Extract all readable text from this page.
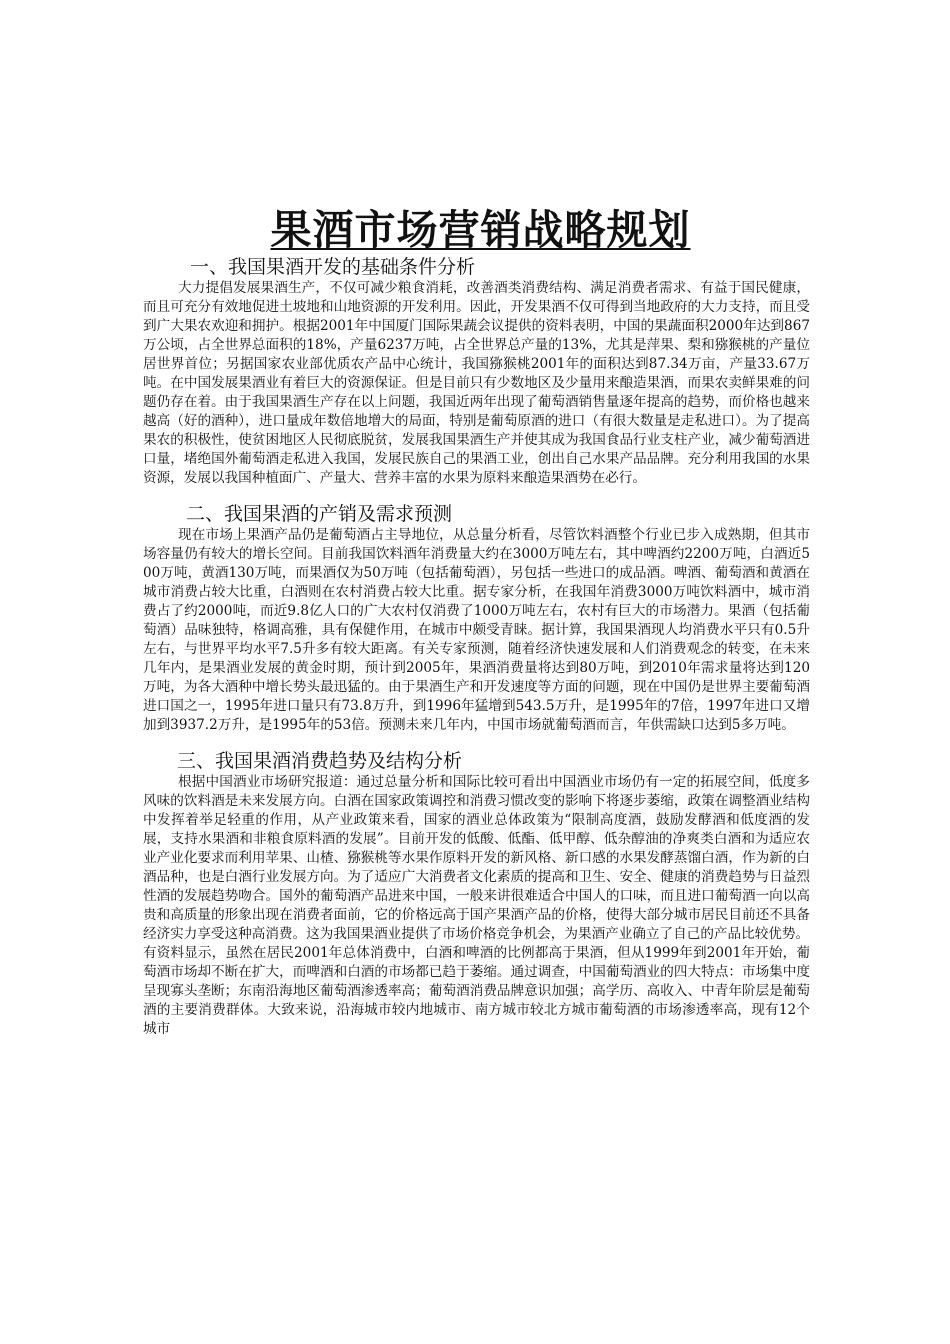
果酒市场营销战略规划
一、我国果酒开发的基础条件分析

大力提倡发展果酒生产，不仅可减少粮食消耗，改善酒类消费结构、满足消费者需求、有益于国民健康，而且可充分有效地促进土坡地和山地资源的开发利用。因此，开发果酒不仅可得到当地政府的大力支持，而且受到广大果农欢迎和拥护。根据2001年中国厦门国际果蔬会议提供的资料表明，中国的果蔬面积2000年达到867万公顷，占全世界总面积的18%，产量6237万吨，占全世界总产量的13%，尤其是萍果、梨和猕猴桃的产量位居世界首位；另据国家农业部优质农产品中心统计，我国猕猴桃2001年的面积达到87.34万亩，产量33.67万吨。在中国发展果酒业有着巨大的资源保证。但是目前只有少数地区及少量用来酿造果酒，而果农卖鲜果难的问题仍存在着。由于我国果酒生产存在以上问题，我国近两年出现了葡萄酒销售量逐年提高的趋势，而价格也越来越高（好的酒种），进口量成年数倍地增大的局面，特别是葡萄原酒的进口（有很大数量是走私进口）。为了提高果农的积极性，使贫困地区人民彻底脱贫，发展我国果酒生产并使其成为我国食品行业支柱产业，减少葡萄酒进口量，堵绝国外葡萄酒走私进入我国，发展民族自己的果酒工业，创出自己水果产品品牌。充分利用我国的水果资源，发展以我国种植面广、产量大、营养丰富的水果为原料来酿造果酒势在必行。

二、我国果酒的产销及需求预测

现在市场上果酒产品仍是葡萄酒占主导地位，从总量分析看，尽管饮料酒整个行业已步入成熟期，但其市场容量仍有较大的增长空间。目前我国饮料酒年消费量大约在3000万吨左右，其中啤酒约2200万吨，白酒近500万吨，黄酒130万吨，而果酒仅为50万吨（包括葡萄酒），另包括一些进口的成品酒。啤酒、葡萄酒和黄酒在城市消费占较大比重，白酒则在农村消费占较大比重。据专家分析，在我国年消费3000万吨饮料酒中，城市消费占了约2000吨，而近9.8亿人口的广大农村仅消费了1000万吨左右，农村有巨大的市场潜力。果酒（包括葡萄酒）品味独特，格调高雅，具有保健作用，在城市中颇受青睐。据计算，我国果酒现人均消费水平只有0.5升左右，与世界平均水平7.5升多有较大距离。有关专家预测，随着经济快速发展和人们消费观念的转变，在未来几年内，是果酒业发展的黄金时期，预计到2005年，果酒消费量将达到80万吨，到2010年需求量将达到120万吨，为各大酒种中增长势头最迅猛的。由于果酒生产和开发速度等方面的问题，现在中国仍是世界主要葡萄酒进口国之一，1995年进口量只有73.8万升，到1996年猛增到543.5万升，是1995年的7倍，1997年进口又增加到3937.2万升，是1995年的53倍。预测未来几年内，中国市场就葡萄酒而言，年供需缺口达到5多万吨。

三、我国果酒消费趋势及结构分析

根据中国酒业市场研究报道：通过总量分析和国际比较可看出中国酒业市场仍有一定的拓展空间，低度多风味的饮料酒是未来发展方向。白酒在国家政策调控和消费习惯改变的影响下将逐步萎缩，政策在调整酒业结构中发挥着举足轻重的作用，从产业政策来看，国家的酒业总体政策为“限制高度酒，鼓励发酵酒和低度酒的发展，支持水果酒和非粮食原料酒的发展”。目前开发的低酸、低酯、低甲醇、低杂醇油的净爽类白酒和为适应农业产业化要求而利用苹果、山楂、猕猴桃等水果作原料开发的新风格、新口感的水果发酵蒸馏白酒，作为新的白酒品种，也是白酒行业发展方向。为了适应广大消费者文化素质的提高和卫生、安全、健康的消费趋势与日益烈性酒的发展趋势吻合。国外的葡萄酒产品进来中国，一般来讲很难适合中国人的口味，而且进口葡萄酒一向以高贵和高质量的形象出现在消费者面前，它的价格远高于国产果酒产品的价格，使得大部分城市居民目前还不具备经济实力享受这种高消费。这为我国果酒业提供了市场价格竞争机会，为果酒产业确立了自己的产品比较优势。

有资料显示，虽然在居民2001年总体消费中，白酒和啤酒的比例都高于果酒，但从1999年到2001年开始，葡萄酒市场却不断在扩大，而啤酒和白酒的市场都已趋于萎缩。通过调查，中国葡萄酒业的四大特点：市场集中度呈现寡头垄断；东南沿海地区葡萄酒渗透率高；葡萄酒消费品牌意识加强；高学历、高收入、中青年阶层是葡萄酒的主要消费群体。大致来说，沿海城市较内地城市、南方城市较北方城市葡萄酒的市场渗透率高，现有12个城市
